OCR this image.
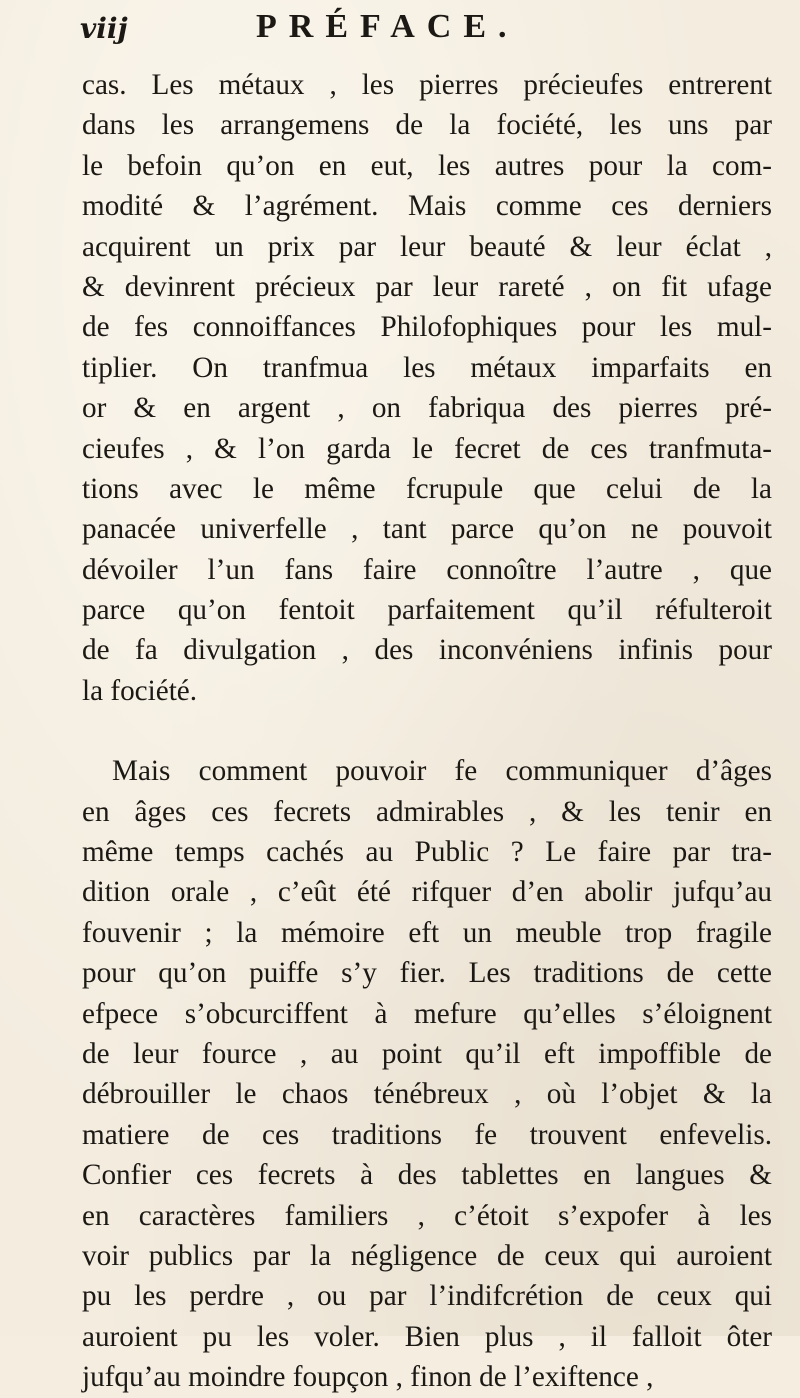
viij	PRÉFACE.
cas. Les métaux , les pierres précieufes entrerent
dans les arrangemens de la fociété, les uns par
le befoin qu’on en eut, les autres pour la com-
modité & l’agrément. Mais comme ces derniers
acquirent un prix par leur beauté & leur éclat ,
& devinrent précieux par leur rareté , on fit ufage
de fes connoiffances Philofophiques pour les mul-
tiplier. On tranfmua les métaux imparfaits en
or & en argent , on fabriqua des pierres pré-
cieufes , & l’on garda le fecret de ces tranfmuta-
tions avec le même fcrupule que celui de la
panacée univerfelle , tant parce qu’on ne pouvoit
dévoiler l’un fans faire connoître l’autre , que
parce qu’on fentoit parfaitement qu’il réfulteroit
de fa divulgation , des inconvéniens infinis pour
la fociété.
Mais comment pouvoir fe communiquer d’âges
en âges ces fecrets admirables , & les tenir en
même temps cachés au Public ? Le faire par tra-
dition orale , c’eût été rifquer d’en abolir jufqu’au
fouvenir ; la mémoire eft un meuble trop fragile
pour qu’on puiffe s’y fier. Les traditions de cette
efpece s’obcurciffent à mefure qu’elles s’éloignent
de leur fource , au point qu’il eft impoffible de
débrouiller le chaos ténébreux , où l’objet & la
matiere de ces traditions fe trouvent enfevelis.
Confier ces fecrets à des tablettes en langues &
en caractères familiers , c’étoit s’expofer à les
voir publics par la négligence de ceux qui auroient
pu les perdre , ou par l’indifcrétion de ceux qui
auroient pu les voler. Bien plus , il falloit ôter
jufqu’au moindre foupçon , finon de l’exiftence ,
